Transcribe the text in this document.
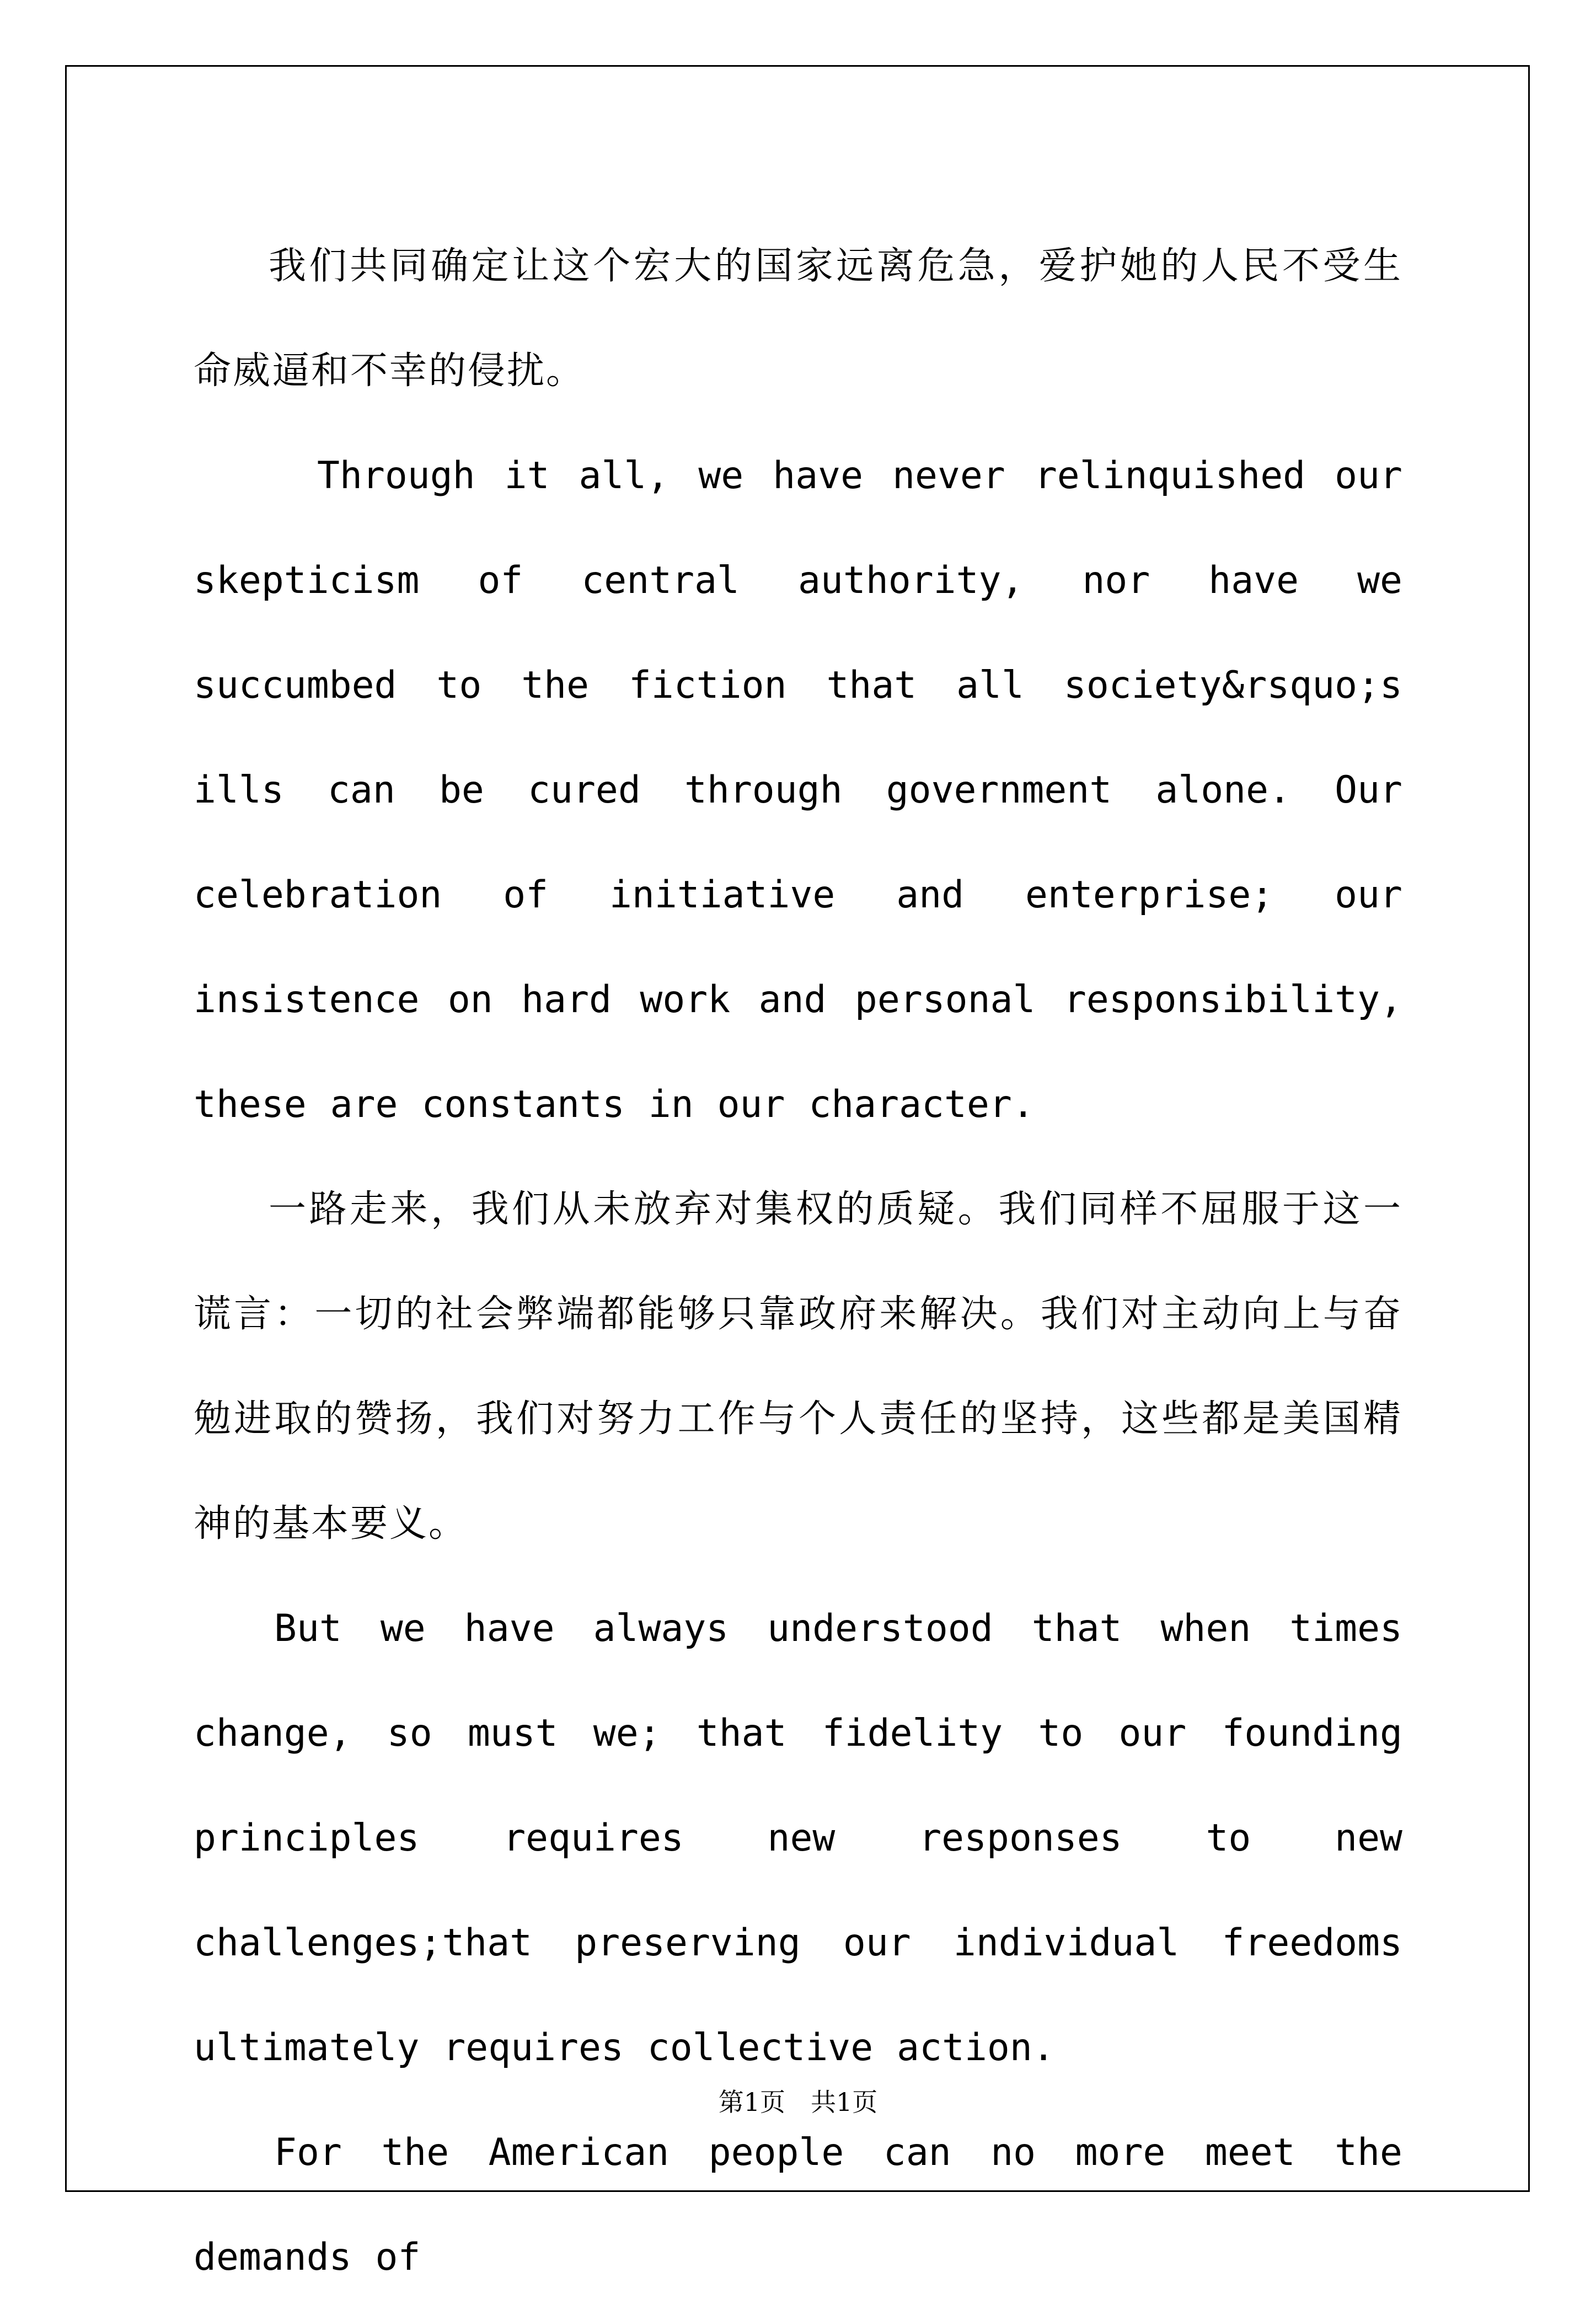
我们共同确定让这个宏大的国家远离危急，爱护她的人民不受生命威逼和不幸的侵扰。

Through it all, we have never relinquished our skepticism of central authority, nor have we succumbed to the fiction that all society&rsquo;s ills can be cured through government alone. Our celebration of initiative and enterprise; our insistence on hard work and personal responsibility, these are constants in our character.

一路走来，我们从未放弃对集权的质疑。我们同样不屈服于这一谎言：一切的社会弊端都能够只靠政府来解决。我们对主动向上与奋勉进取的赞扬，我们对努力工作与个人责任的坚持，这些都是美国精神的基本要义。

But we have always understood that when times change, so must we; that fidelity to our founding principles requires new responses to new challenges;that preserving our individual freedoms ultimately requires collective action.

For the American people can no more meet the demands of

第1页　共1页
